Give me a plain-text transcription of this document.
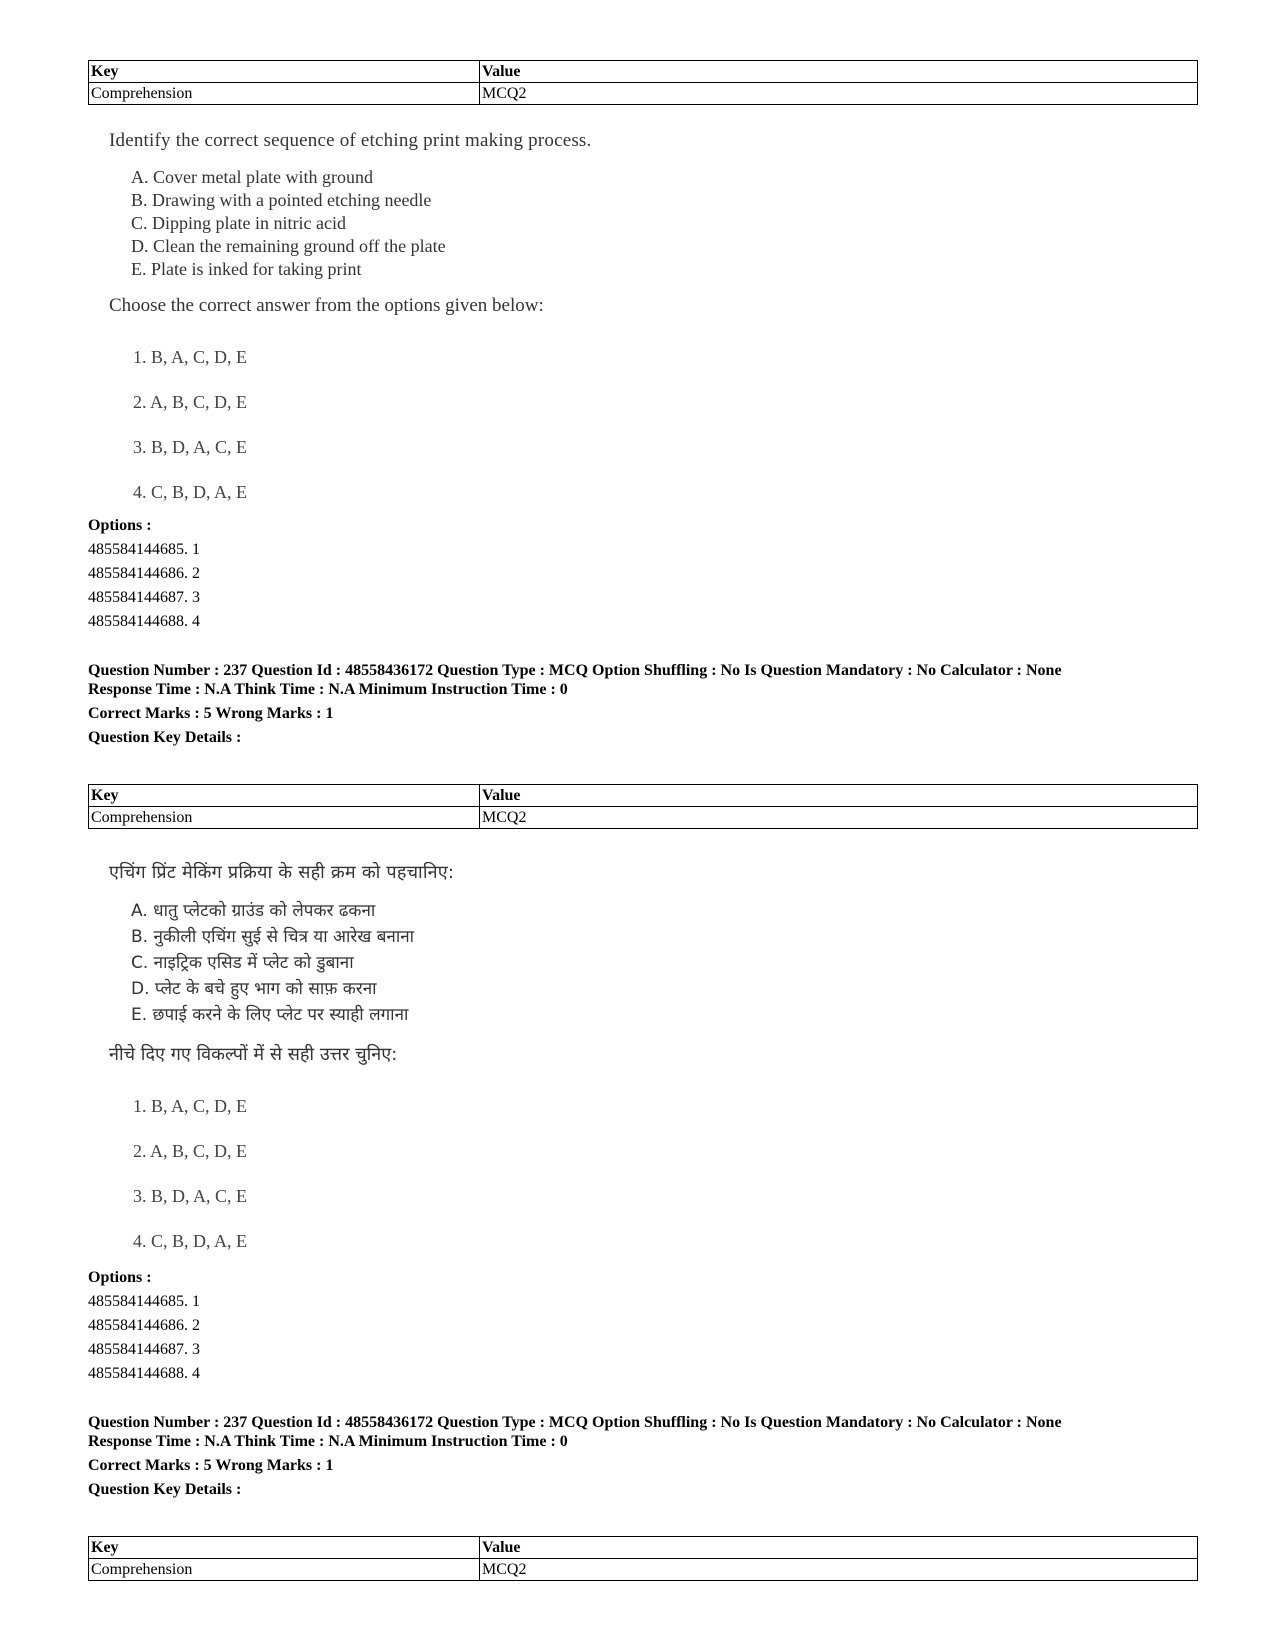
Key	Value
Comprehension	MCQ2
Identify the correct sequence of etching print making process.
A. Cover metal plate with ground
B. Drawing with a pointed etching needle
C. Dipping plate in nitric acid
D. Clean the remaining ground off the plate
E. Plate is inked for taking print
Choose the correct answer from the options given below:
1. B, A, C, D, E
2. A, B, C, D, E
3. B, D, A, C, E
4. C, B, D, A, E
Options :
485584144685. 1
485584144686. 2
485584144687. 3
485584144688. 4
Question Number : 237 Question Id : 48558436172 Question Type : MCQ Option Shuffling : No Is Question Mandatory : No Calculator : None
Response Time : N.A Think Time : N.A Minimum Instruction Time : 0
Correct Marks : 5 Wrong Marks : 1
Question Key Details :
Key	Value
Comprehension	MCQ2
एचिंग प्रिंट मेकिंग प्रक्रिया के सही क्रम को पहचानिए:
A. धातु प्लेटको ग्राउंड को लेपकर ढकना
B. नुकीली एचिंग सुई से चित्र या आरेख बनाना
C. नाइट्रिक एसिड में प्लेट को डुबाना
D. प्लेट के बचे हुए भाग को साफ़ करना
E. छपाई करने के लिए प्लेट पर स्याही लगाना
नीचे दिए गए विकल्पों में से सही उत्तर चुनिए:
1. B, A, C, D, E
2. A, B, C, D, E
3. B, D, A, C, E
4. C, B, D, A, E
Options :
485584144685. 1
485584144686. 2
485584144687. 3
485584144688. 4
Question Number : 237 Question Id : 48558436172 Question Type : MCQ Option Shuffling : No Is Question Mandatory : No Calculator : None
Response Time : N.A Think Time : N.A Minimum Instruction Time : 0
Correct Marks : 5 Wrong Marks : 1
Question Key Details :
Key	Value
Comprehension	MCQ2
